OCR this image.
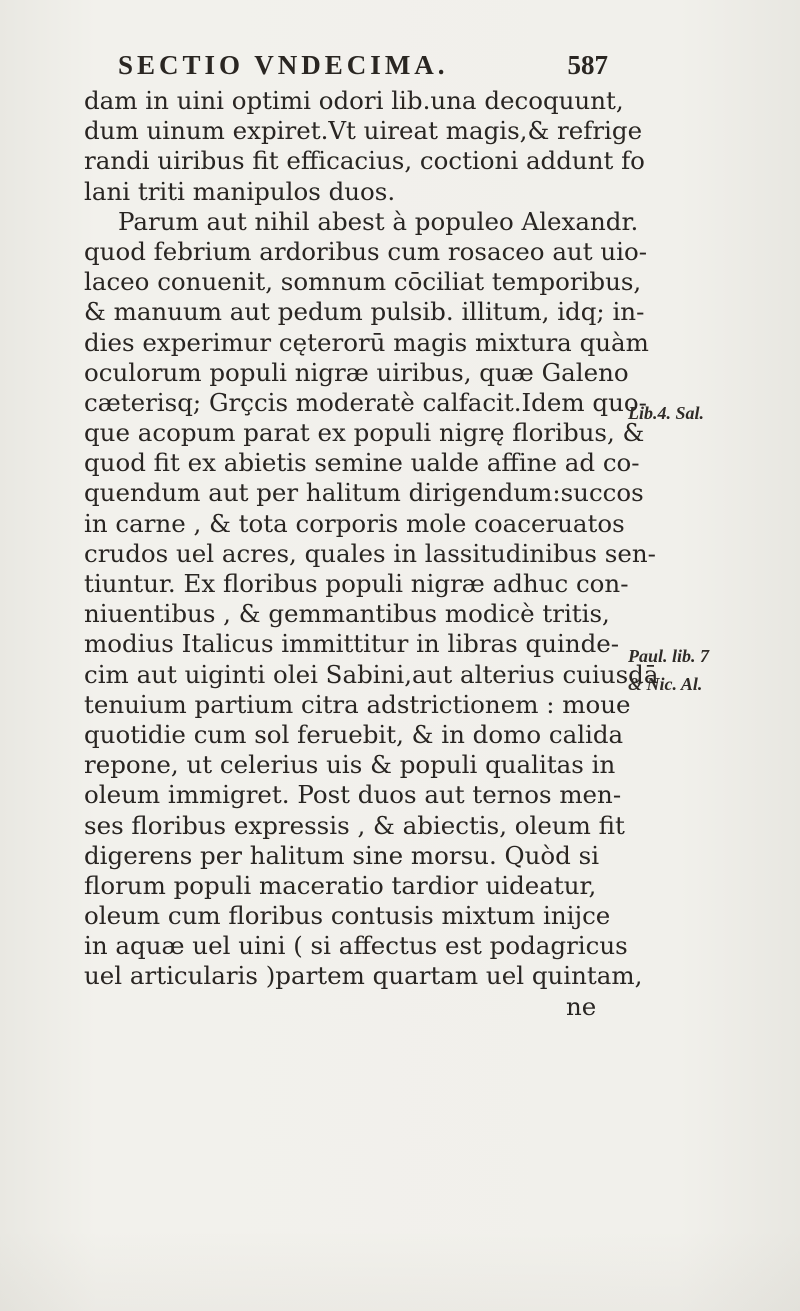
SECTIO VNDECIMA.	587
dam in uini optimi odori lib.una decoquunt,
dum uinum expiret.Vt uireat magis,& refrige
randi uiribus fit efficacius, coctioni addunt fo
lani triti manipulos duos.
Parum aut nihil abest à populeo Alexandr.
quod febrium ardoribus cum rosaceo aut uio-
laceo conuenit, somnum cōciliat temporibus,
& manuum aut pedum pulsib. illitum, idq; in-
dies experimur cęterorū magis mixtura quàm
oculorum populi nigræ uiribus, quæ Galeno
cæterisq; Grçcis moderatè calfacit.Idem quo-
que acopum parat ex populi nigrę floribus, &
quod fit ex abietis semine ualde affine ad co-
quendum aut per halitum dirigendum:succos
in carne , & tota corporis mole coaceruatos
crudos uel acres, quales in lassitudinibus sen-
tiuntur. Ex floribus populi nigræ adhuc con-
niuentibus , & gemmantibus modicè tritis,
modius Italicus immittitur in libras quinde-
cim aut uiginti olei Sabini,aut alterius cuiusdā
tenuium partium citra adstrictionem : moue
quotidie cum sol feruebit, & in domo calida
repone, ut celerius uis & populi qualitas in
oleum immigret. Post duos aut ternos men-
ses floribus expressis , & abiectis, oleum fit
digerens per halitum sine morsu. Quòd si
florum populi maceratio tardior uideatur,
oleum cum floribus contusis mixtum inijce
in aquæ uel uini ( si affectus est podagricus
uel articularis )partem quartam uel quintam,
ne
Lib.4. Sal.
Paul. lib. 7
& Nic. Al.
